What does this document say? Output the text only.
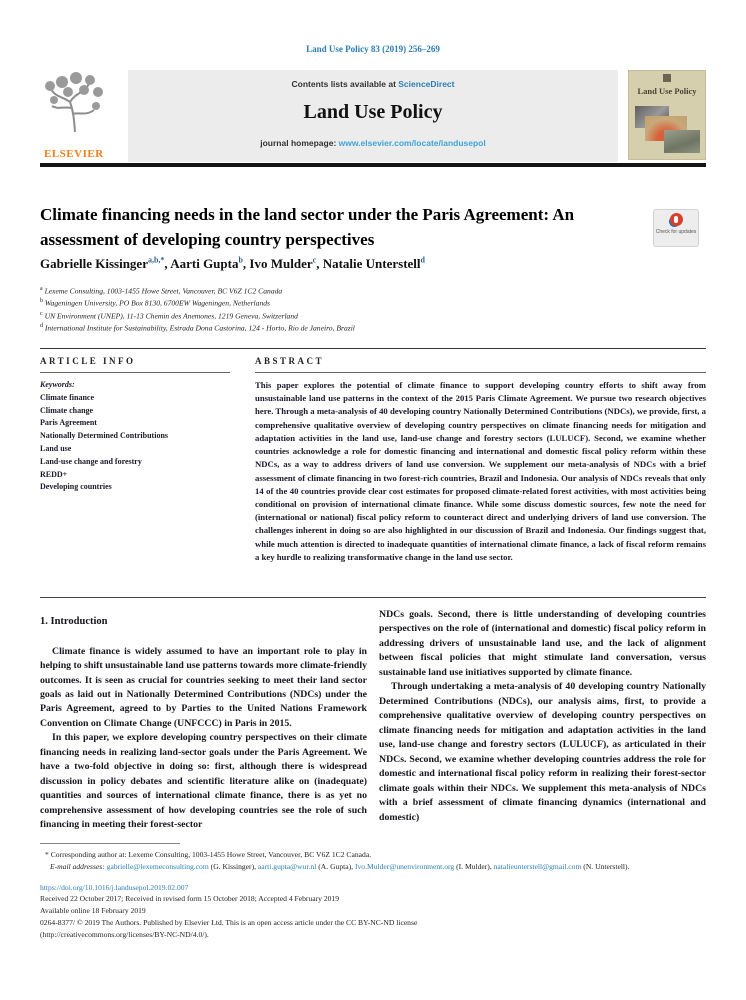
Land Use Policy 83 (2019) 256–269
ELSEVIER
Contents lists available at ScienceDirect
Land Use Policy
journal homepage: www.elsevier.com/locate/landusepol
Land Use Policy
Climate financing needs in the land sector under the Paris Agreement: An assessment of developing country perspectives	Check for updates
Gabrielle Kissinger$^{a,b,*}$, Aarti Gupta$^b$, Ivo Mulder$^c$, Natalie Unterstell$^d$
$^a$ Lexeme Consulting, 1003-1455 Howe Street, Vancouver, BC V6Z 1C2 Canada
$^b$ Wageningen University, PO Box 8130, 6700EW Wageningen, Netherlands
$^c$ UN Environment (UNEP), 11-13 Chemin des Anemones, 1219 Geneva, Switzerland
$^d$ International Institute for Sustainability, Estrada Dona Castorina, 124 - Horto, Rio de Janeiro, Brazil
ARTICLE INFO	ABSTRACT
Keywords:
Climate finance
Climate change
Paris Agreement
Nationally Determined Contributions
Land use
Land-use change and forestry
REDD+
Developing countries
This paper explores the potential of climate finance to support developing country efforts to shift away from unsustainable land use patterns in the context of the 2015 Paris Climate Agreement. We pursue two research objectives here. Through a meta-analysis of 40 developing country Nationally Determined Contributions (NDCs), we provide, first, a comprehensive qualitative overview of developing country perspectives on climate financing needs for mitigation and adaptation activities in the land use, land-use change and forestry sectors (LULUCF). Second, we examine whether countries acknowledge a role for domestic financing and international and domestic fiscal policy reform within these NDCs, as a way to address drivers of land use conversion. We supplement our meta-analysis of NDCs with a brief assessment of climate financing in two forest-rich countries, Brazil and Indonesia. Our analysis of NDCs reveals that only 14 of the 40 countries provide clear cost estimates for proposed climate-related forest activities, with most activities being conditional on provision of international climate finance. While some discuss domestic sources, few note the need for (international or national) fiscal policy reform to counteract direct and underlying drivers of land use conversion. The challenges inherent in doing so are also highlighted in our discussion of Brazil and Indonesia. Our findings suggest that, while much attention is directed to inadequate quantities of international climate finance, a lack of fiscal reform remains a key hurdle to realizing transformative change in the land use sector.
1. Introduction

Climate finance is widely assumed to have an important role to play in helping to shift unsustainable land use patterns towards more climate-friendly outcomes. It is seen as crucial for countries seeking to meet their land sector goals as laid out in Nationally Determined Contributions (NDCs) under the Paris Agreement, agreed to by Parties to the United Nations Framework Convention on Climate Change (UNFCCC) in Paris in 2015.

In this paper, we explore developing country perspectives on their climate financing needs in realizing land-sector goals under the Paris Agreement. We have a two-fold objective in doing so: first, although there is widespread discussion in policy debates and scientific literature alike on (inadequate) quantities and sources of international climate finance, there is as yet no comprehensive assessment of how developing countries see the role of such financing in meeting their forest-sector

NDCs goals. Second, there is little understanding of developing countries perspectives on the role of (international and domestic) fiscal policy reform in addressing drivers of unsustainable land use, and the lack of alignment between fiscal policies that might stimulate land conversation, versus sustainable land use initiatives supported by climate finance.

Through undertaking a meta-analysis of 40 developing country Nationally Determined Contributions (NDCs), our analysis aims, first, to provide a comprehensive qualitative overview of developing country perspectives on climate financing needs for mitigation and adaptation activities in the land use, land-use change and forestry sectors (LULUCF), as articulated in their NDCs. Second, we examine whether developing countries address the role for domestic and international fiscal policy reform in realizing their forest-sector climate goals within their NDCs. We supplement this meta-analysis of NDCs with a brief assessment of climate financing dynamics (international and domestic)

* Corresponding author at: Lexeme Consulting, 1003-1455 Howe Street, Vancouver, BC V6Z 1C2 Canada.
E-mail addresses: gabrielle@lexemeconsulting.com (G. Kissinger), aarti.gupta@wur.nl (A. Gupta), Ivo.Mulder@unenvironment.org (I. Mulder), natalieunterstell@gmail.com (N. Unterstell).
https://doi.org/10.1016/j.landusepol.2019.02.007
Received 22 October 2017; Received in revised form 15 October 2018; Accepted 4 February 2019
Available online 18 February 2019
0264-8377/ © 2019 The Authors. Published by Elsevier Ltd. This is an open access article under the CC BY-NC-ND license
(http://creativecommons.org/licenses/BY-NC-ND/4.0/).
